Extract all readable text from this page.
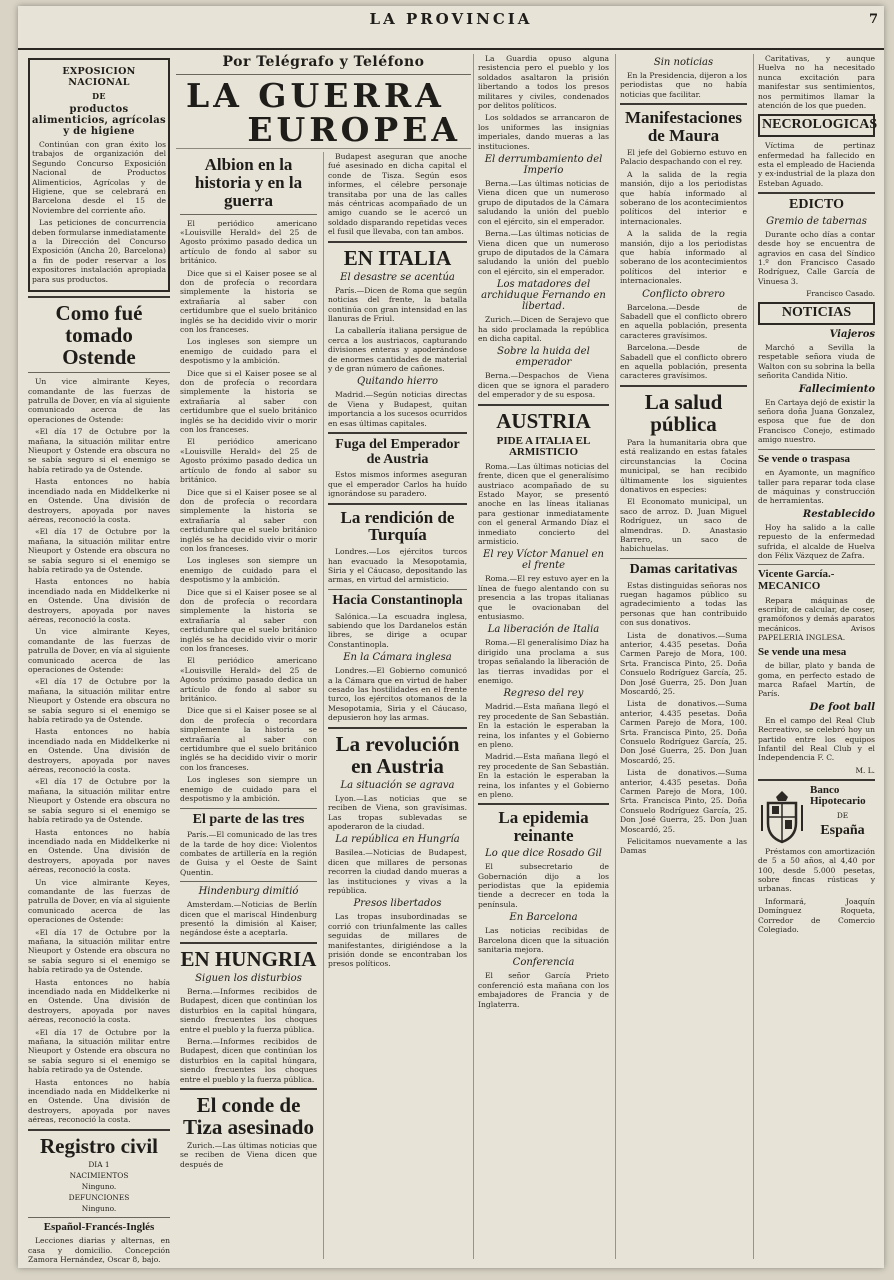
LA PROVINCIA	7
EXPOSICION NACIONAL
DE
productos alimenticios, agrícolas y de higiene

Continúan con gran éxito los trabajos de organización del Segundo Concurso Exposición Nacional de Productos Alimenticios, Agrícolas y de Higiene, que se celebrará en Barcelona desde el 15 de Noviembre del corriente año.

Las peticiones de concurrencia deben formularse inmediatamente a la Dirección del Concurso Exposición (Ancha 20, Barcelona) a fin de poder reservar a los expositores instalación apropiada para sus productos.

Como fué tomado Ostende

Un vice almirante Keyes, comandante de las fuerzas de patrulla de Dover, en vía al siguiente comunicado acerca de las operaciones de Ostende:

«El día 17 de Octubre por la mañana, la situación militar entre Nieuport y Ostende era obscura no se sabía seguro si el enemigo se había retirado ya de Ostende.

Hasta entonces no había incendiado nada en Middelkerke ni en Ostende. Una división de destroyers, apoyada por naves aéreas, reconoció la costa.

«El día 17 de Octubre por la mañana, la situación militar entre Nieuport y Ostende era obscura no se sabía seguro si el enemigo se había retirado ya de Ostende.

Hasta entonces no había incendiado nada en Middelkerke ni en Ostende. Una división de destroyers, apoyada por naves aéreas, reconoció la costa.

Un vice almirante Keyes, comandante de las fuerzas de patrulla de Dover, en vía al siguiente comunicado acerca de las operaciones de Ostende:

«El día 17 de Octubre por la mañana, la situación militar entre Nieuport y Ostende era obscura no se sabía seguro si el enemigo se había retirado ya de Ostende.

Hasta entonces no había incendiado nada en Middelkerke ni en Ostende. Una división de destroyers, apoyada por naves aéreas, reconoció la costa.

«El día 17 de Octubre por la mañana, la situación militar entre Nieuport y Ostende era obscura no se sabía seguro si el enemigo se había retirado ya de Ostende.

Hasta entonces no había incendiado nada en Middelkerke ni en Ostende. Una división de destroyers, apoyada por naves aéreas, reconoció la costa.

Un vice almirante Keyes, comandante de las fuerzas de patrulla de Dover, en vía al siguiente comunicado acerca de las operaciones de Ostende:

«El día 17 de Octubre por la mañana, la situación militar entre Nieuport y Ostende era obscura no se sabía seguro si el enemigo se había retirado ya de Ostende.

Hasta entonces no había incendiado nada en Middelkerke ni en Ostende. Una división de destroyers, apoyada por naves aéreas, reconoció la costa.

«El día 17 de Octubre por la mañana, la situación militar entre Nieuport y Ostende era obscura no se sabía seguro si el enemigo se había retirado ya de Ostende.

Hasta entonces no había incendiado nada en Middelkerke ni en Ostende. Una división de destroyers, apoyada por naves aéreas, reconoció la costa.

Registro civil
DIA 1
NACIMIENTOS
Ninguno.
DEFUNCIONES
Ninguno.
Español-Francés-Inglés

Lecciones diarias y alternas, en casa y domicilio. Concepción Zamora Hernández, Oscar 8, bajo.

Por Telégrafo y Teléfono
LA GUERRA
EUROPEA
Albion en la historia y en la guerra

El periódico americano «Louisville Herald» del 25 de Agosto próximo pasado dedica un artículo de fondo al sabor su británico.

Dice que si el Kaiser posee se al don de profecía o recordara simplemente la historia se extrañaría al saber con certidumbre que el suelo británico inglés se ha decidido vivir o morir con los franceses.

Los ingleses son siempre un enemigo de cuidado para el despotismo y la ambición.

Dice que si el Kaiser posee se al don de profecía o recordara simplemente la historia se extrañaría al saber con certidumbre que el suelo británico inglés se ha decidido vivir o morir con los franceses.

El periódico americano «Louisville Herald» del 25 de Agosto próximo pasado dedica un artículo de fondo al sabor su británico.

Dice que si el Kaiser posee se al don de profecía o recordara simplemente la historia se extrañaría al saber con certidumbre que el suelo británico inglés se ha decidido vivir o morir con los franceses.

Los ingleses son siempre un enemigo de cuidado para el despotismo y la ambición.

Dice que si el Kaiser posee se al don de profecía o recordara simplemente la historia se extrañaría al saber con certidumbre que el suelo británico inglés se ha decidido vivir o morir con los franceses.

El periódico americano «Louisville Herald» del 25 de Agosto próximo pasado dedica un artículo de fondo al sabor su británico.

Dice que si el Kaiser posee se al don de profecía o recordara simplemente la historia se extrañaría al saber con certidumbre que el suelo británico inglés se ha decidido vivir o morir con los franceses.

Los ingleses son siempre un enemigo de cuidado para el despotismo y la ambición.

El parte de las tres

París.—El comunicado de las tres de la tarde de hoy dice: Violentos combates de artillería en la región de Guisa y el Oeste de Saint Quentin.

Hindenburg dimitió

Amsterdam.—Noticias de Berlín dicen que el mariscal Hindenburg presentó la dimisión al Kaiser, negándose éste a aceptarla.

EN HUNGRIA
Siguen los disturbios

Berna.—Informes recibidos de Budapest, dicen que continúan los disturbios en la capital húngara, siendo frecuentes los choques entre el pueblo y la fuerza pública.

Berna.—Informes recibidos de Budapest, dicen que continúan los disturbios en la capital húngara, siendo frecuentes los choques entre el pueblo y la fuerza pública.

El conde de Tiza asesinado

Zurich.—Las últimas noticias que se reciben de Viena dicen que después de

Budapest aseguran que anoche fué asesinado en dicha capital el conde de Tisza. Según esos informes, el célebre personaje transitaba por una de las calles más céntricas acompañado de un amigo cuando se le acercó un soldado disparando repetidas veces el fusil que llevaba, con tan ambos.

EN ITALIA
El desastre se acentúa

París.—Dicen de Roma que según noticias del frente, la batalla continúa con gran intensidad en las llanuras de Friul.

La caballería italiana persigue de cerca a los austriacos, capturando divisiones enteras y apoderándose de enormes cantidades de material y de gran número de cañones.

Quitando hierro

Madrid.—Según noticias directas de Viena y Budapest, quitan importancia a los sucesos ocurridos en esas últimas capitales.

Fuga del Emperador de Austria

Estos mismos informes aseguran que el emperador Carlos ha huído ignorándose su paradero.

La rendición de Turquía

Londres.—Los ejércitos turcos han evacuado la Mesopotamia, Siria y el Cáucaso, depositando las armas, en virtud del armisticio.

Hacia Constantinopla

Salónica.—La escuadra inglesa, sabiendo que los Dardanelos están libres, se dirige a ocupar Constantinopla.

En la Cámara inglesa

Londres.—El Gobierno comunicó a la Cámara que en virtud de haber cesado las hostilidades en el frente turco, los ejércitos otomanos de la Mesopotamia, Siria y el Cáucaso, depusieron hoy las armas.

La revolución en Austria
La situación se agrava

Lyon.—Las noticias que se reciben de Viena, son gravísimas. Las tropas sublevadas se apoderaron de la ciudad.

La república en Hungría

Basilea.—Noticias de Budapest, dicen que millares de personas recorren la ciudad dando mueras a las instituciones y vivas a la república.

Presos libertados

Las tropas insubordinadas se corrió con triunfalmente las calles seguidas de millares de manifestantes, dirigiéndose a la prisión donde se encontraban los presos políticos.

La Guardia opuso alguna resistencia pero el pueblo y los soldados asaltaron la prisión libertando a todos los presos militares y civiles, condenados por delitos políticos.

Los soldados se arrancaron de los uniformes las insignias imperiales, dando mueras a las instituciones.

El derrumbamiento del Imperio

Berna.—Las últimas noticias de Viena dicen que un numeroso grupo de diputados de la Cámara saludando la unión del pueblo con el ejército, sin el emperador.

Berna.—Las últimas noticias de Viena dicen que un numeroso grupo de diputados de la Cámara saludando la unión del pueblo con el ejército, sin el emperador.

Los matadores del archiduque Fernando en libertad.

Zurich.—Dicen de Serajevo que ha sido proclamada la república en dicha capital.

Sobre la huida del emperador

Berna.—Despachos de Viena dicen que se ignora el paradero del emperador y de su esposa.

AUSTRIA
PIDE A ITALIA EL ARMISTICIO

Roma.—Las últimas noticias del frente, dicen que el generalísimo austriaco acompañado de su Estado Mayor, se presentó anoche en las líneas italianas para gestionar inmediatamente con el general Armando Díaz el inmediato concierto del armisticio.

El rey Víctor Manuel en el frente

Roma.—El rey estuvo ayer en la línea de fuego alentando con su presencia a las tropas italianas que le ovacionaban del entusiasmo.

La liberación de Italia

Roma.—El generalísimo Díaz ha dirigido una proclama a sus tropas señalando la liberación de las tierras invadidas por el enemigo.

Regreso del rey

Madrid.—Esta mañana llegó el rey procedente de San Sebastián. En la estación le esperaban la reina, los infantes y el Gobierno en pleno.

Madrid.—Esta mañana llegó el rey procedente de San Sebastián. En la estación le esperaban la reina, los infantes y el Gobierno en pleno.

La epidemia reinante
Lo que dice Rosado Gil

El subsecretario de Gobernación dijo a los periodistas que la epidemia tiende a decrecer en toda la península.

En Barcelona

Las noticias recibidas de Barcelona dicen que la situación sanitaria mejora.

Conferencia

El señor García Prieto conferenció esta mañana con los embajadores de Francia y de Inglaterra.

Sin noticias

En la Presidencia, dijeron a los periodistas que no había noticias que facilitar.

Manifestaciones de Maura

El jefe del Gobierno estuvo en Palacio despachando con el rey.

A la salida de la regia mansión, dijo a los periodistas que había informado al soberano de los acontecimientos políticos del interior e internacionales.

A la salida de la regia mansión, dijo a los periodistas que había informado al soberano de los acontecimientos políticos del interior e internacionales.

Conflicto obrero

Barcelona.—Desde de Sabadell que el conflicto obrero en aquella población, presenta caracteres gravísimos.

Barcelona.—Desde de Sabadell que el conflicto obrero en aquella población, presenta caracteres gravísimos.

La salud pública

Para la humanitaria obra que está realizando en estas fatales circunstancias la Cocina municipal, se han recibido últimamente los siguientes donativos en especies:

El Economato municipal, un saco de arroz. D. Juan Miguel Rodríguez, un saco de almendras. D. Anastasio Barrero, un saco de habichuelas.

Damas caritativas

Estas distinguidas señoras nos ruegan hagamos público su agradecimiento a todas las personas que han contribuido con sus donativos.

Lista de donativos.—Suma anterior, 4.435 pesetas. Doña Carmen Parejo de Mora, 100. Srta. Francisca Pinto, 25. Doña Consuelo Rodríguez García, 25. Don José Guerra, 25. Don Juan Moscardó, 25.

Lista de donativos.—Suma anterior, 4.435 pesetas. Doña Carmen Parejo de Mora, 100. Srta. Francisca Pinto, 25. Doña Consuelo Rodríguez García, 25. Don José Guerra, 25. Don Juan Moscardó, 25.

Lista de donativos.—Suma anterior, 4.435 pesetas. Doña Carmen Parejo de Mora, 100. Srta. Francisca Pinto, 25. Doña Consuelo Rodríguez García, 25. Don José Guerra, 25. Don Juan Moscardó, 25.

Felicitamos nuevamente a las Damas

Caritativas, y aunque Huelva no ha necesitado nunca excitación para manifestar sus sentimientos, nos permitimos llamar la atención de los que pueden.

NECROLOGICAS

Víctima de pertinaz enfermedad ha fallecido en esta el empleado de Hacienda y ex-industrial de la plaza don Esteban Aguado.

EDICTO
Gremio de tabernas

Durante ocho días a contar desde hoy se encuentra de agravios en casa del Síndico 1.º don Francisco Casado Rodríguez, Calle García de Vinuesa 3.

Francisco Casado.
NOTICIAS
Viajeros

Marchó a Sevilla la respetable señora viuda de Walton con su sobrina la bella señorita Candida Nitio.

Fallecimiento

En Cartaya dejó de existir la señora doña Juana Gonzalez, esposa que fue de don Francisco Conejo, estimado amigo nuestro.

Se vende o traspasa

en Ayamonte, un magnífico taller para reparar toda clase de máquinas y construcción de herramientas.

Restablecido

Hoy ha salido a la calle repuesto de la enfermedad sufrida, el alcalde de Huelva don Félix Vázquez de Zafra.

Vicente García.-MECANICO

Repara máquinas de escribir, de calcular, de coser, gramófonos y demás aparatos mecánicos. Avisos PAPELERIA INGLESA.

Se vende una mesa

de billar, plato y banda de goma, en perfecto estado de marca Rafael Martín, de París.

De foot ball

En el campo del Real Club Recreativo, se celebró hoy un partido entre los equipos Infantil del Real Club y el Independencia F. C.

M. L.
Banco Hipotecario
DE
España

Préstamos con amortización de 5 a 50 años, al 4,40 por 100, desde 5.000 pesetas, sobre fincas rústicas y urbanas.

Informará, Joaquín Domínguez Roqueta, Corredor de Comercio Colegiado.
